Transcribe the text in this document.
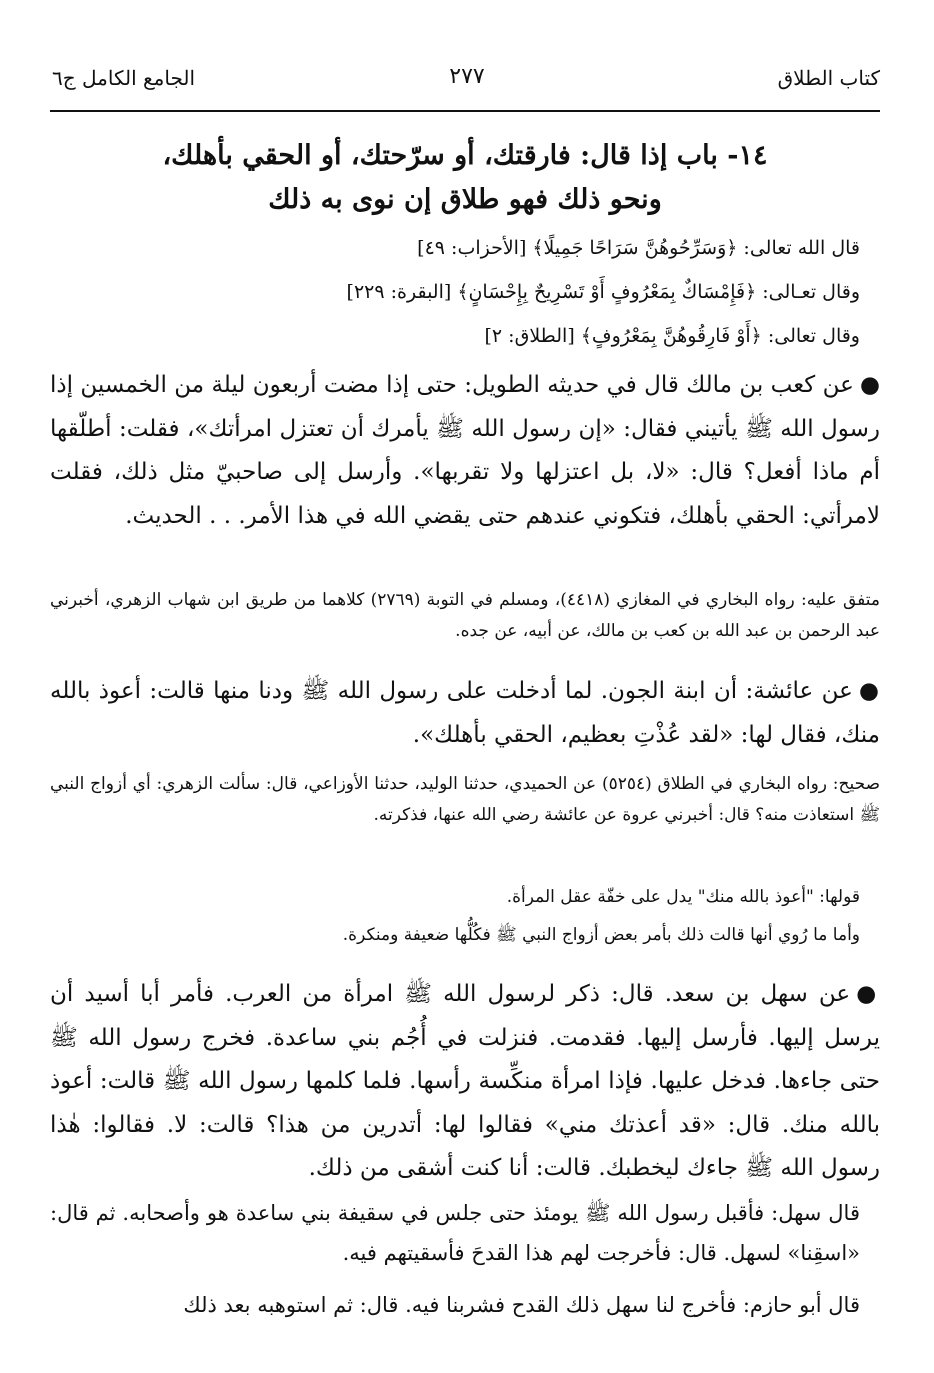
كتاب الطلاق
٢٧٧
الجامع الكامل ج٦

١٤- باب إذا قال: فارقتك، أو سرّحتك، أو الحقي بأهلك،

ونحو ذلك فهو طلاق إن نوى به ذلك

قال الله تعالى: ﴿وَسَرِّحُوهُنَّ سَرَاحًا جَمِيلًا﴾ [الأحزاب: ٤٩]

وقال تعـالى: ﴿فَإِمْسَاكٌ بِمَعْرُوفٍ أَوْ تَسْرِيحٌ بِإِحْسَانٍ﴾ [البقرة: ٢٢٩]

وقال تعالى: ﴿أَوْ فَارِقُوهُنَّ بِمَعْرُوفٍ﴾ [الطلاق: ٢]

●عن كعب بن مالك قال في حديثه الطويل: حتى إذا مضت أربعون ليلة من الخمسين إذا رسول الله ﷺ يأتيني فقال: «إن رسول الله ﷺ يأمرك أن تعتزل امرأتك»، فقلت: أطلّقها أم ماذا أفعل؟ قال: «لا، بل اعتزلها ولا تقربها». وأرسل إلى صاحبيّ مثل ذلك، فقلت لامرأتي: الحقي بأهلك، فتكوني عندهم حتى يقضي الله في هذا الأمر. . . الحديث.

متفق عليه: رواه البخاري في المغازي (٤٤١٨)، ومسلم في التوبة (٢٧٦٩) كلاهما من طريق ابن شهاب الزهري، أخبرني عبد الرحمن بن عبد الله بن كعب بن مالك، عن أبيه، عن جده.

●عن عائشة: أن ابنة الجون. لما أدخلت على رسول الله ﷺ ودنا منها قالت: أعوذ بالله منك، فقال لها: «لقد عُذْتِ بعظيم، الحقي بأهلك».

صحيح: رواه البخاري في الطلاق (٥٢٥٤) عن الحميدي، حدثنا الوليد، حدثنا الأوزاعي، قال: سألت الزهري: أي أزواج النبي ﷺ استعاذت منه؟ قال: أخبرني عروة عن عائشة رضي الله عنها، فذكرته.

قولها: "أعوذ بالله منك" يدل على خفّة عقل المرأة.

وأما ما رُوي أنها قالت ذلك بأمر بعض أزواج النبي ﷺ فكُلُّها ضعيفة ومنكرة.

●عن سهل بن سعد. قال: ذكر لرسول الله ﷺ امرأة من العرب. فأمر أبا أسيد أن يرسل إليها. فأرسل إليها. فقدمت. فنزلت في أُجُم بني ساعدة. فخرج رسول الله ﷺ حتى جاءها. فدخل عليها. فإذا امرأة منكِّسة رأسها. فلما كلمها رسول الله ﷺ قالت: أعوذ بالله منك. قال: «قد أعذتك مني» فقالوا لها: أتدرين من هذا؟ قالت: لا. فقالوا: هٰذا رسول الله ﷺ جاءك ليخطبك. قالت: أنا كنت أشقى من ذلك.

قال سهل: فأقبل رسول الله ﷺ يومئذ حتى جلس في سقيفة بني ساعدة هو وأصحابه. ثم قال: «اسقِنا» لسهل. قال: فأخرجت لهم هذا القدحَ فأسقيتهم فيه.

قال أبو حازم: فأخرج لنا سهل ذلك القدح فشربنا فيه. قال: ثم استوهبه بعد ذلك
